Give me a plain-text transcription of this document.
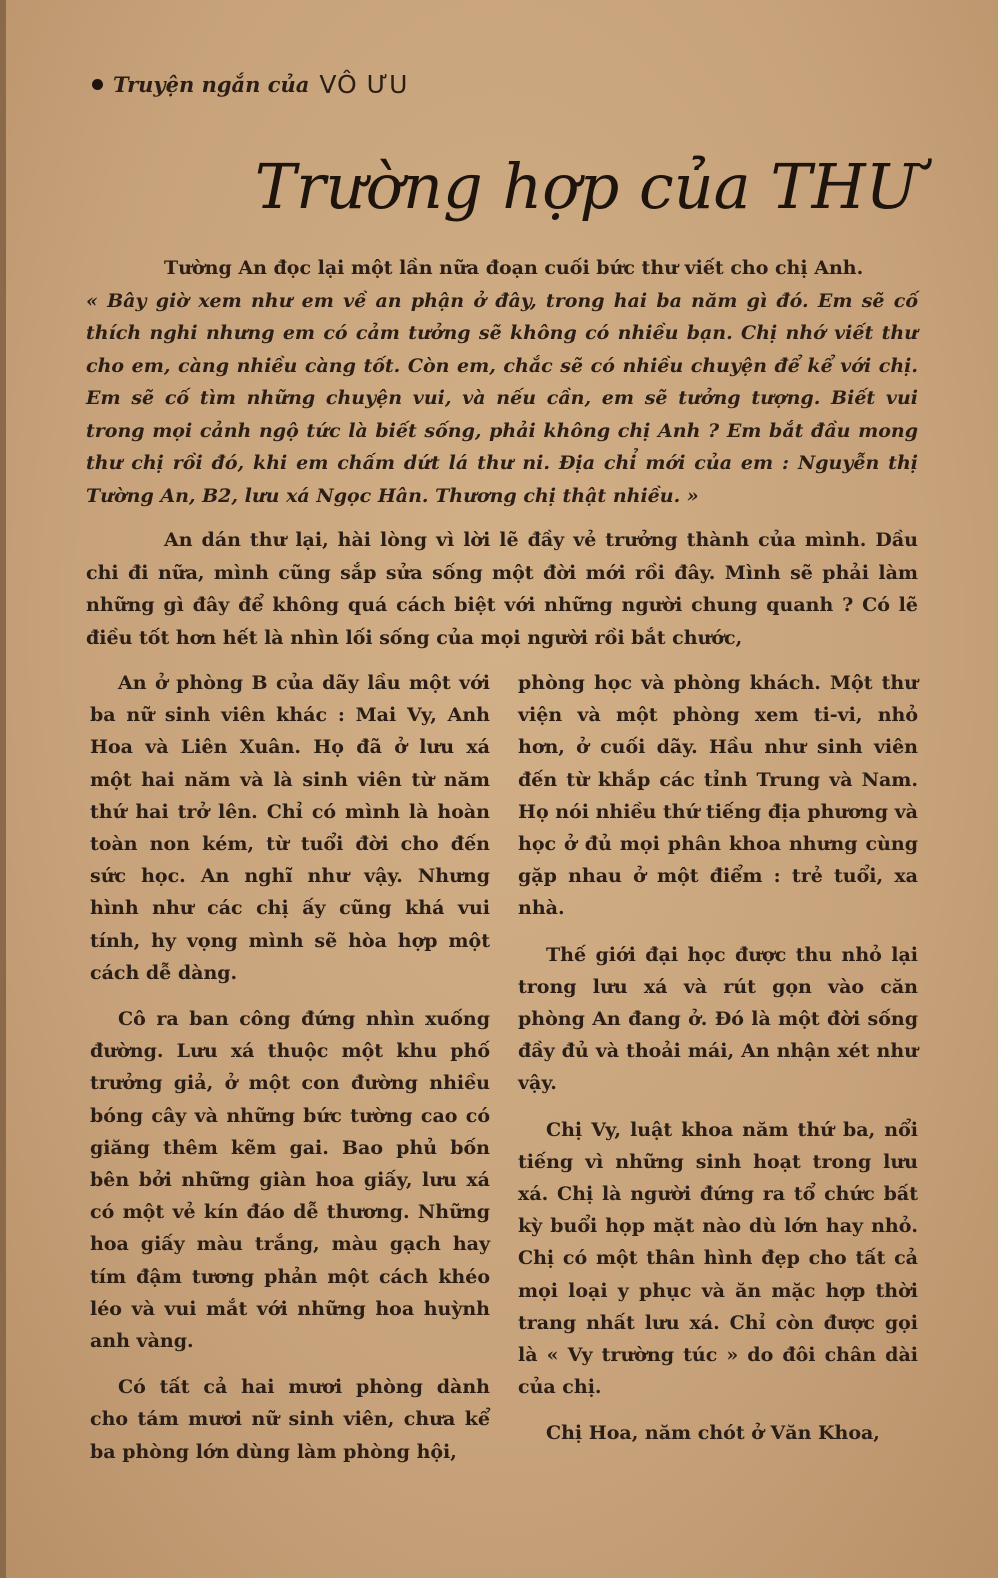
Truyện ngắn của VÔ ƯU
Trường hợp của THƯ

Tường An đọc lại một lần nữa đoạn cuối bức thư viết cho chị Anh.

« Bây giờ xem như em về an phận ở đây, trong hai ba năm gì đó. Em sẽ cố thích nghi nhưng em có cảm tưởng sẽ không có nhiều bạn. Chị nhớ viết thư cho em, càng nhiều càng tốt. Còn em, chắc sẽ có nhiều chuyện để kể với chị. Em sẽ cố tìm những chuyện vui, và nếu cần, em sẽ tưởng tượng. Biết vui trong mọi cảnh ngộ tức là biết sống, phải không chị Anh ? Em bắt đầu mong thư chị rồi đó, khi em chấm dứt lá thư ni. Địa chỉ mới của em : Nguyễn thị Tường An, B2, lưu xá Ngọc Hân. Thương chị thật nhiều. »

An dán thư lại, hài lòng vì lời lẽ đầy vẻ trưởng thành của mình. Dầu chi đi nữa, mình cũng sắp sửa sống một đời mới rồi đây. Mình sẽ phải làm những gì đây để không quá cách biệt với những người chung quanh ? Có lẽ điều tốt hơn hết là nhìn lối sống của mọi người rồi bắt chước,

An ở phòng B của dãy lầu một với ba nữ sinh viên khác : Mai Vy, Anh Hoa và Liên Xuân. Họ đã ở lưu xá một hai năm và là sinh viên từ năm thứ hai trở lên. Chỉ có mình là hoàn toàn non kém, từ tuổi đời cho đến sức học. An nghĩ như vậy. Nhưng hình như các chị ấy cũng khá vui tính, hy vọng mình sẽ hòa hợp một cách dễ dàng.

Cô ra ban công đứng nhìn xuống đường. Lưu xá thuộc một khu phố trưởng giả, ở một con đường nhiều bóng cây và những bức tường cao có giăng thêm kẽm gai. Bao phủ bốn bên bởi những giàn hoa giấy, lưu xá có một vẻ kín đáo dễ thương. Những hoa giấy màu trắng, màu gạch hay tím đậm tương phản một cách khéo léo và vui mắt với những hoa huỳnh anh vàng.

Có tất cả hai mươi phòng dành cho tám mươi nữ sinh viên, chưa kể ba phòng lớn dùng làm phòng hội,

phòng học và phòng khách. Một thư viện và một phòng xem ti-vi, nhỏ hơn, ở cuối dãy. Hầu như sinh viên đến từ khắp các tỉnh Trung và Nam. Họ nói nhiều thứ tiếng địa phương và học ở đủ mọi phân khoa nhưng cùng gặp nhau ở một điểm : trẻ tuổi, xa nhà.

Thế giới đại học được thu nhỏ lại trong lưu xá và rút gọn vào căn phòng An đang ở. Đó là một đời sống đầy đủ và thoải mái, An nhận xét như vậy.

Chị Vy, luật khoa năm thứ ba, nổi tiếng vì những sinh hoạt trong lưu xá. Chị là người đứng ra tổ chức bất kỳ buổi họp mặt nào dù lớn hay nhỏ. Chị có một thân hình đẹp cho tất cả mọi loại y phục và ăn mặc hợp thời trang nhất lưu xá. Chỉ còn được gọi là « Vy trường túc » do đôi chân dài của chị.

Chị Hoa, năm chót ở Văn Khoa,
